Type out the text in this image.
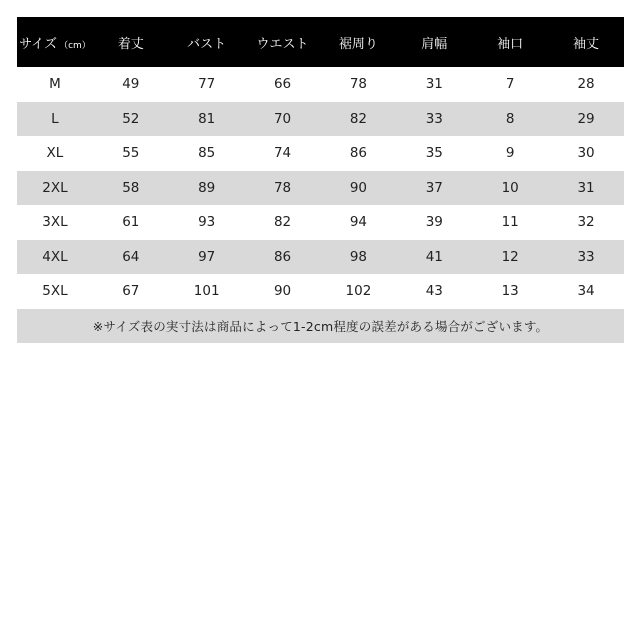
サイズ （cm）	着丈	バスト	ウエスト	裾周り	肩幅	袖口	袖丈
M	49	77	66	78	31	7	28
L	52	81	70	82	33	8	29
XL	55	85	74	86	35	9	30
2XL	58	89	78	90	37	10	31
3XL	61	93	82	94	39	11	32
4XL	64	97	86	98	41	12	33
5XL	67	101	90	102	43	13	34
※サイズ表の実寸法は商品によって1-2cm程度の誤差がある場合がございます。							
